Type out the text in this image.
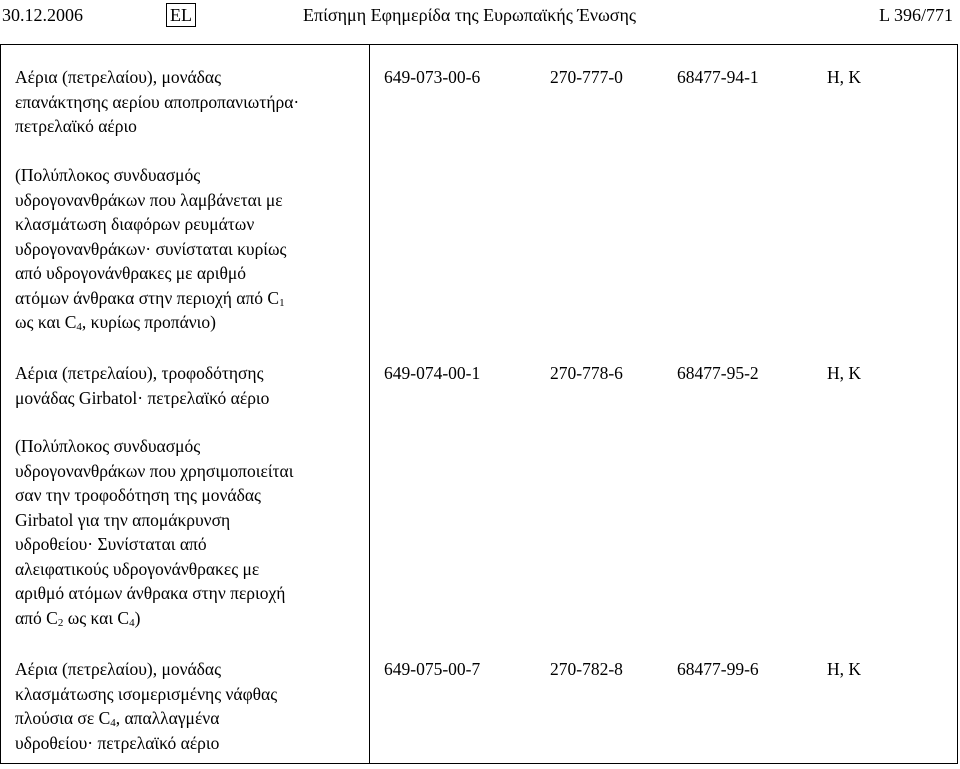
30.12.2006	EL	Επίσημη Εφημερίδα της Ευρωπαϊκής Ένωσης	L 396/771
Αέρια (πετρελαίου), μονάδας
επανάκτησης αερίου αποπροπανιωτήρα·
πετρελαϊκό αέριο
(Πολύπλοκος συνδυασμός
υδρογονανθράκων που λαμβάνεται με
κλασμάτωση διαφόρων ρευμάτων
υδρογονανθράκων· συνίσταται κυρίως
από υδρογονάνθρακες με αριθμό
ατόμων άνθρακα στην περιοχή από $C_1$
ως και $C_4$, κυρίως προπάνιο)
649-073-00-6	270-777-0	68477-94-1	H, K
Αέρια (πετρελαίου), τροφοδότησης
μονάδας Girbatol· πετρελαϊκό αέριο
(Πολύπλοκος συνδυασμός
υδρογονανθράκων που χρησιμοποιείται
σαν την τροφοδότηση της μονάδας
Girbatol για την απομάκρυνση
υδροθείου· Συνίσταται από
αλειφατικούς υδρογονάνθρακες με
αριθμό ατόμων άνθρακα στην περιοχή
από $C_2$ ως και $C_4$)
649-074-00-1	270-778-6	68477-95-2	H, K
Αέρια (πετρελαίου), μονάδας
κλασμάτωσης ισομερισμένης νάφθας
πλούσια σε $C_4$, απαλλαγμένα
υδροθείου· πετρελαϊκό αέριο
649-075-00-7	270-782-8	68477-99-6	H, K
